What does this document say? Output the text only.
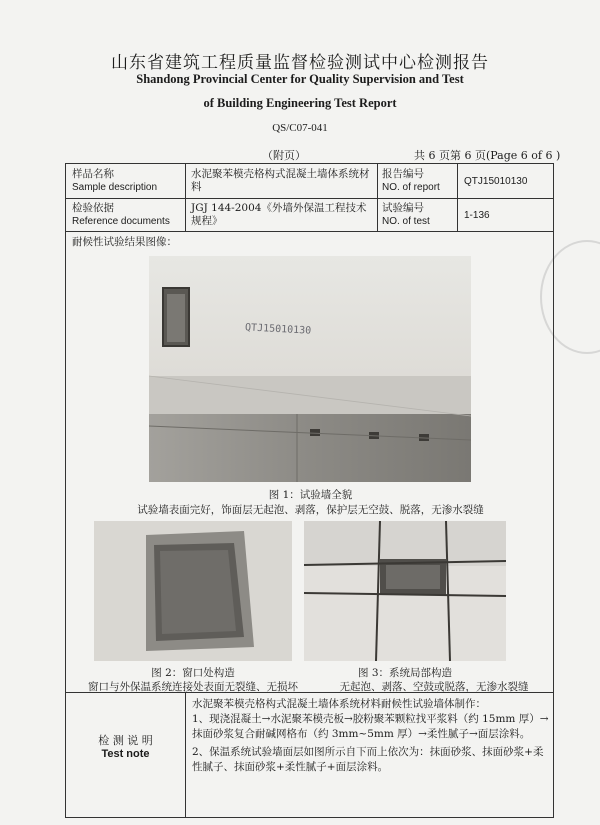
山东省建筑工程质量监督检验测试中心检测报告
Shandong Provincial Center for Quality Supervision and Test
of Building Engineering Test Report
QS/C07-041
（附页）	共 6 页第 6 页(Page 6 of 6 )
样品名称
Sample description
水泥聚苯模壳格构式混凝土墙体系统材料
报告编号
NO. of report
QTJ15010130
检验依据
Reference documents
JGJ 144-2004《外墙外保温工程技术规程》
试验编号
NO. of test
1-136
耐候性试验结果图像：
QTJ15010130
图 1：试验墙全貌
试验墙表面完好，饰面层无起泡、剥落，保护层无空鼓、脱落，无渗水裂缝
图 2：窗口处构造
窗口与外保温系统连接处表面无裂缝、无损坏
图 3：系统局部构造
无起泡、剥落、空鼓或脱落，无渗水裂缝
检 测 说 明
Test note
水泥聚苯模壳格构式混凝土墙体系统材料耐候性试验墙体制作：
1、现浇混凝土→水泥聚苯模壳板→胶粉聚苯颗粒找平浆料（约 15mm 厚）→
抹面砂浆复合耐碱网格布（约 3mm~5mm 厚）→柔性腻子→面层涂料。
2、保温系统试验墙面层如图所示自下而上依次为：抹面砂浆、抹面砂浆+柔
性腻子、抹面砂浆+柔性腻子+面层涂料。
